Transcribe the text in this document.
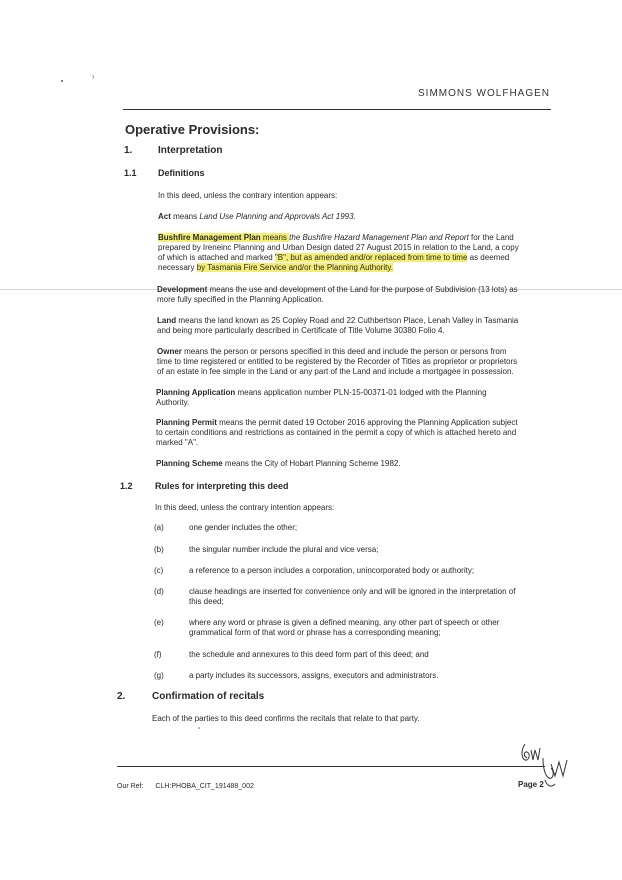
›
SIMMONS WOLFHAGEN
Operative Provisions:
1.	Interpretation
1.1 Definitions
In this deed, unless the contrary intention appears:
Act means Land Use Planning and Approvals Act 1993.
Bushfire Management Plan means the Bushfire Hazard Management Plan and Report for the Land
prepared by Ireneinc Planning and Urban Design dated 27 August 2015 in relation to the Land, a copy
of which is attached and marked "B", but as amended and/or replaced from time to time as deemed
necessary by Tasmania Fire Service and/or the Planning Authority.
Development means the use and development of the Land for the purpose of Subdivision (13 lots) as
more fully specified in the Planning Application.
Land means the land known as 25 Copley Road and 22 Cuthbertson Place, Lenah Valley in Tasmania
and being more particularly described in Certificate of Title Volume 30380 Folio 4.
Owner means the person or persons specified in this deed and include the person or persons from
time to time registered or entitled to be registered by the Recorder of Titles as proprietor or proprietors
of an estate in fee simple in the Land or any part of the Land and include a mortgagee in possession.
Planning Application means application number PLN-15-00371-01 lodged with the Planning
Authority.
Planning Permit means the permit dated 19 October 2016 approving the Planning Application subject
to certain conditions and restrictions as contained in the permit a copy of which is attached hereto and
marked "A".
Planning Scheme means the City of Hobart Planning Scheme 1982.
1.2 Rules for interpreting this deed
In this deed, unless the contrary intention appears:
(a)	one gender includes the other;
(b)	the singular number include the plural and vice versa;
(c)	a reference to a person includes a corporation, unincorporated body or authority;
(d)	clause headings are inserted for convenience only and will be ignored in the interpretation of
this deed;
(e)	where any word or phrase is given a defined meaning, any other part of speech or other
grammatical form of that word or phrase has a corresponding meaning;
(f)	the schedule and annexures to this deed form part of this deed; and
(g)	a party includes its successors, assigns, executors and administrators.
2.	Confirmation of recitals
Each of the parties to this deed confirms the recitals that relate to that party.
Our Ref: CLH:PHOBA_CIT_191488_002	Page 2
